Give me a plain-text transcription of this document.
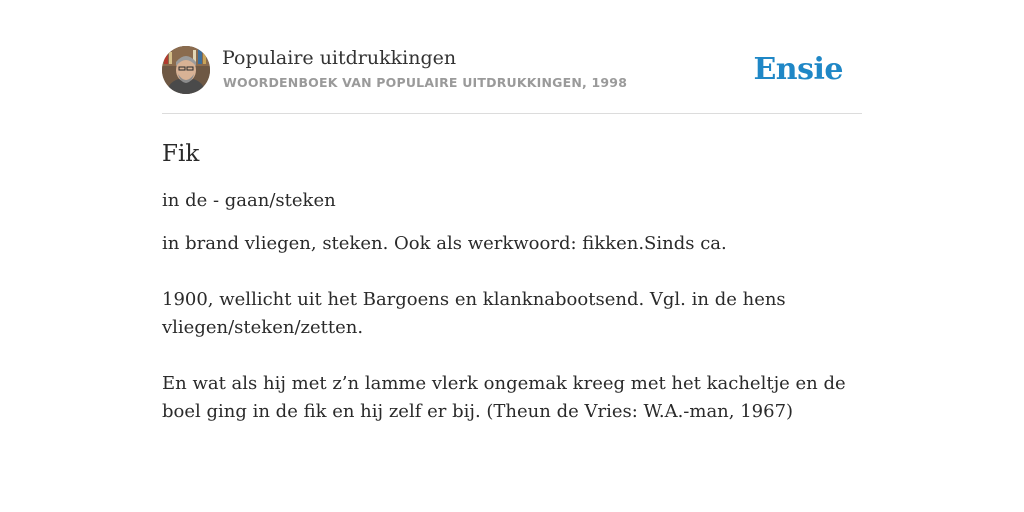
Populaire uitdrukkingen
WOORDENBOEK VAN POPULAIRE UITDRUKKINGEN, 1998	Ensie
Fik
in de - gaan/steken

in brand vliegen, steken. Ook als werkwoord: fikken.Sinds ca.

1900, wellicht uit het Bargoens en klanknabootsend. Vgl. in de hens vliegen/steken/zetten.

En wat als hij met z’n lamme vlerk ongemak kreeg met het kacheltje en de boel ging in de fik en hij zelf er bij. (Theun de Vries: W.A.-man, 1967)
